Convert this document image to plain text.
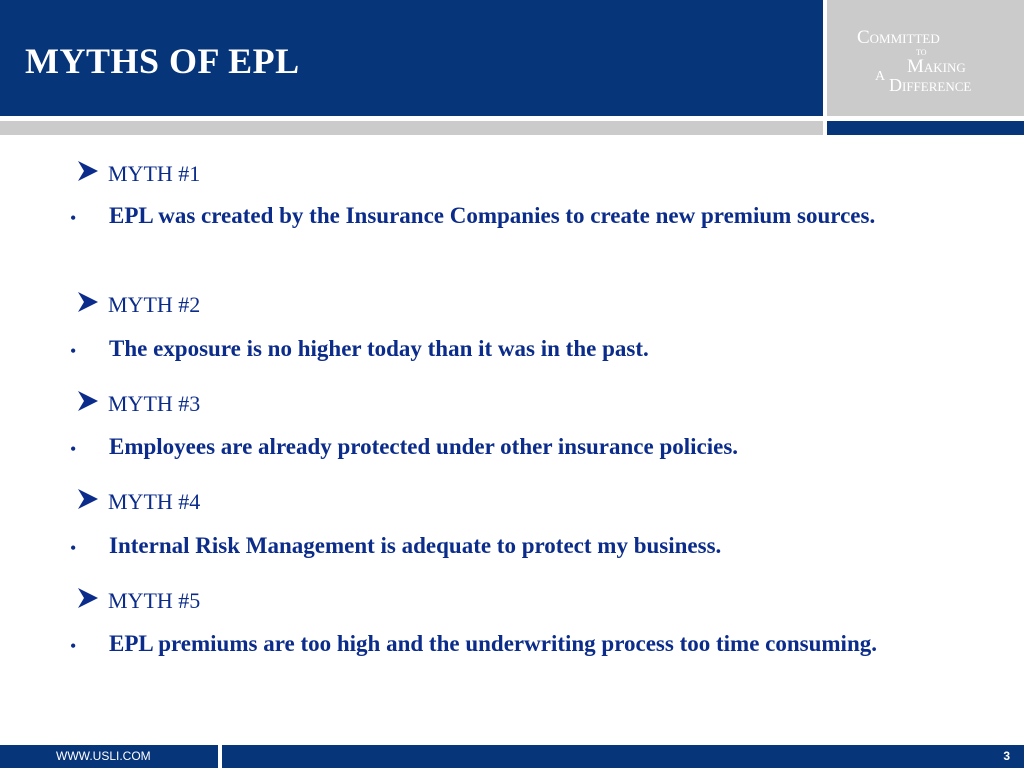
MYTHS OF EPL
Committed
to
Making
A Difference
MYTH #1
• EPL was created by the Insurance Companies to create new premium sources.
MYTH #2
• The exposure is no higher today than it was in the past.
MYTH #3
• Employees are already protected under other insurance policies.
MYTH #4
• Internal Risk Management is adequate to protect my business.
MYTH #5
• EPL premiums are too high and the underwriting process too time consuming.
WWW.USLI.COM	3
